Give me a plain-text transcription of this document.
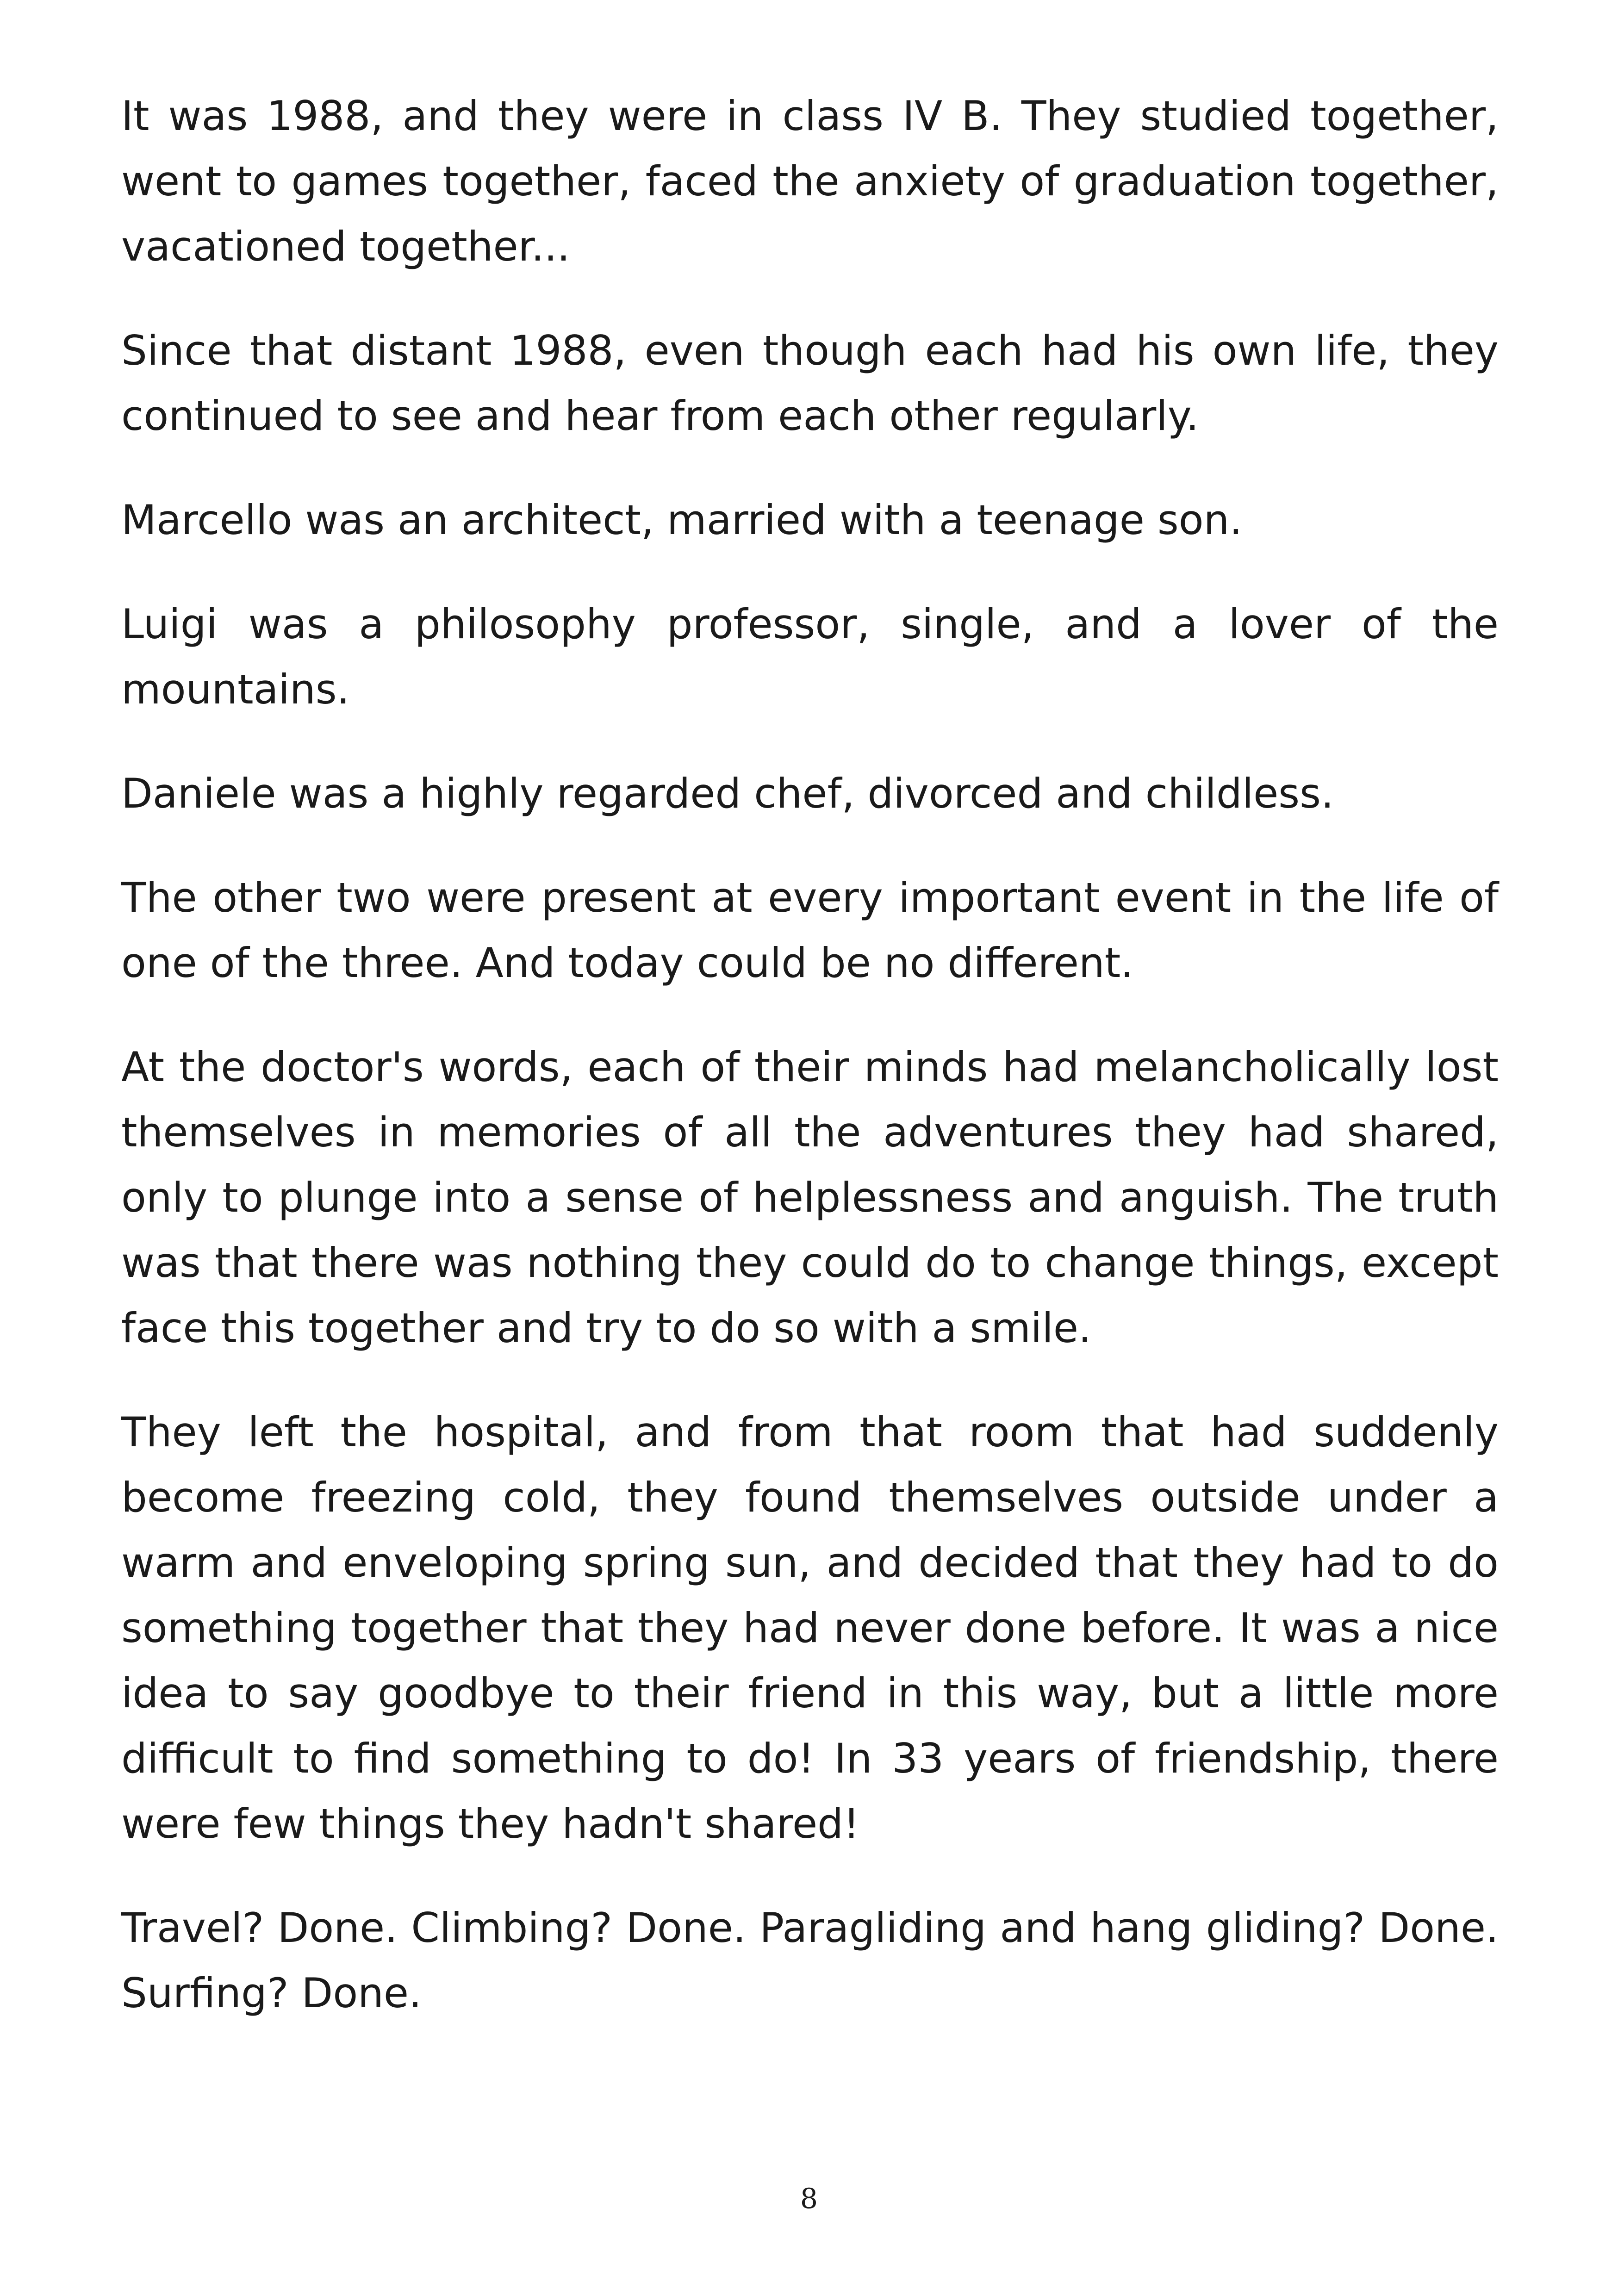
It was 1988, and they were in class IV B. They studied together, went to games together, faced the anxiety of graduation together, vacationed together...

Since that distant 1988, even though each had his own life, they continued to see and hear from each other regularly.

Marcello was an architect, married with a teenage son.

Luigi was a philosophy professor, single, and a lover of the mountains.

Daniele was a highly regarded chef, divorced and childless.

The other two were present at every important event in the life of one of the three. And today could be no different.

At the doctor's words, each of their minds had melancholically lost themselves in memories of all the adventures they had shared, only to plunge into a sense of helplessness and anguish. The truth was that there was nothing they could do to change things, except face this together and try to do so with a smile.

They left the hospital, and from that room that had suddenly become freezing cold, they found themselves outside under a warm and enveloping spring sun, and decided that they had to do something together that they had never done before. It was a nice idea to say goodbye to their friend in this way, but a little more difficult to find something to do! In 33 years of friendship, there were few things they hadn't shared!

Travel? Done. Climbing? Done. Paragliding and hang gliding? Done. Surfing? Done.

8
